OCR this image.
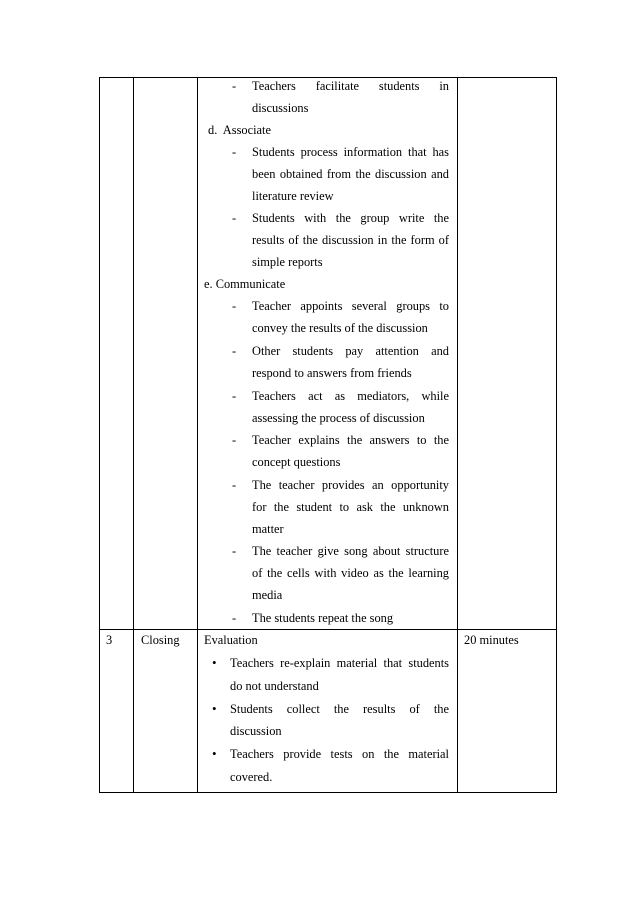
- Teachers facilitate students in
discussions
d.  Associate
- Students process information that has
been obtained from the discussion and
literature review
- Students with the group write the
results of the discussion in the form of
simple reports
e. Communicate
- Teacher appoints several groups to
convey the results of the discussion
- Other students pay attention and
respond to answers from friends
- Teachers act as mediators, while
assessing the process of discussion
- Teacher explains the answers to the
concept questions
- The teacher provides an opportunity
for the student to ask the unknown
matter
- The teacher give song about structure
of the cells with video as the learning
media
- The students repeat the song
3 Closing Evaluation	20 minutes
• Teachers re-explain material that students
do not understand
• Students collect the results of the
discussion
• Teachers provide tests on the material
covered.
